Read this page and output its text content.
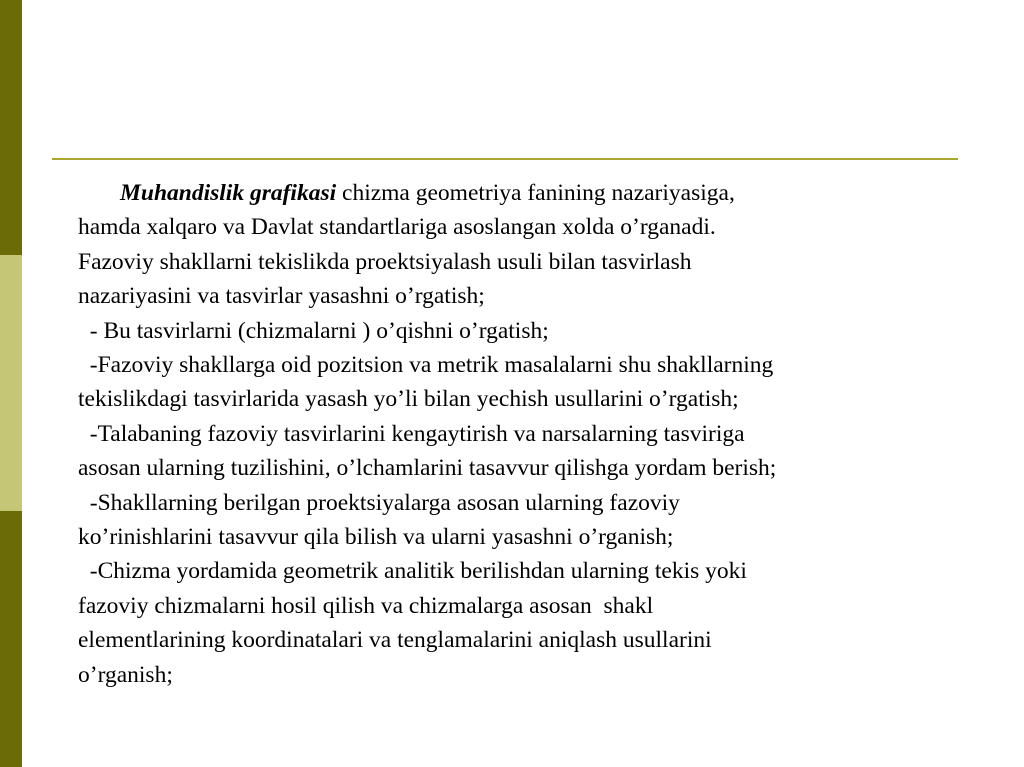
Muhandislik grafikasi chizma geometriya fanining nazariyasiga,
hamda xalqaro va Davlat standartlariga asoslangan xolda o’rganadi.
Fazoviy shakllarni tekislikda proektsiyalash usuli bilan tasvirlash
nazariyasini va tasvirlar yasashni o’rgatish;
- Bu tasvirlarni (chizmalarni ) o’qishni o’rgatish;
-Fazoviy shakllarga oid pozitsion va metrik masalalarni shu shakllarning
tekislikdagi tasvirlarida yasash yo’li bilan yechish usullarini o’rgatish;
-Talabaning fazoviy tasvirlarini kengaytirish va narsalarning tasviriga
asosan ularning tuzilishini, o’lchamlarini tasavvur qilishga yordam berish;
-Shakllarning berilgan proektsiyalarga asosan ularning fazoviy
ko’rinishlarini tasavvur qila bilish va ularni yasashni o’rganish;
-Chizma yordamida geometrik analitik berilishdan ularning tekis yoki
fazoviy chizmalarni hosil qilish va chizmalarga asosan  shakl
elementlarining koordinatalari va tenglamalarini aniqlash usullarini
o’rganish;
